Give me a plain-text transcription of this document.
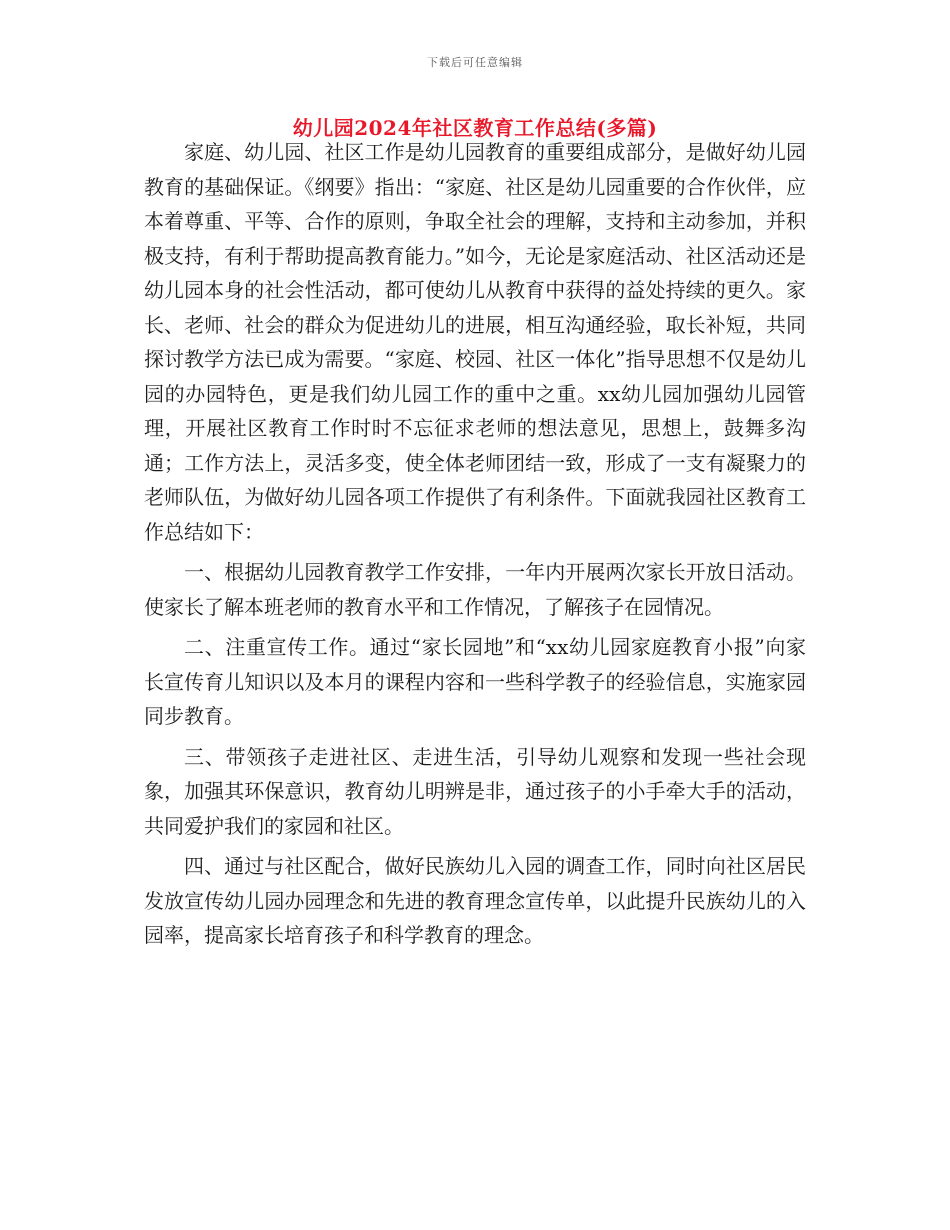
下载后可任意编辑
幼儿园2024年社区教育工作总结(多篇)

家庭、幼儿园、社区工作是幼儿园教育的重要组成部分，是做好幼儿园教育的基础保证。《纲要》指出：“家庭、社区是幼儿园重要的合作伙伴，应本着尊重、平等、合作的原则，争取全社会的理解，支持和主动参加，并积极支持，有利于帮助提高教育能力。”如今，无论是家庭活动、社区活动还是幼儿园本身的社会性活动，都可使幼儿从教育中获得的益处持续的更久。家长、老师、社会的群众为促进幼儿的进展，相互沟通经验，取长补短，共同探讨教学方法已成为需要。“家庭、校园、社区一体化”指导思想不仅是幼儿园的办园特色，更是我们幼儿园工作的重中之重。xx幼儿园加强幼儿园管理，开展社区教育工作时时不忘征求老师的想法意见，思想上，鼓舞多沟通；工作方法上，灵活多变，使全体老师团结一致，形成了一支有凝聚力的老师队伍，为做好幼儿园各项工作提供了有利条件。下面就我园社区教育工作总结如下：

一、根据幼儿园教育教学工作安排，一年内开展两次家长开放日活动。使家长了解本班老师的教育水平和工作情况，了解孩子在园情况。

二、注重宣传工作。通过“家长园地”和“xx幼儿园家庭教育小报”向家长宣传育儿知识以及本月的课程内容和一些科学教子的经验信息，实施家园同步教育。

三、带领孩子走进社区、走进生活，引导幼儿观察和发现一些社会现象，加强其环保意识，教育幼儿明辨是非，通过孩子的小手牵大手的活动，共同爱护我们的家园和社区。

四、通过与社区配合，做好民族幼儿入园的调查工作，同时向社区居民发放宣传幼儿园办园理念和先进的教育理念宣传单，以此提升民族幼儿的入园率，提高家长培育孩子和科学教育的理念。
